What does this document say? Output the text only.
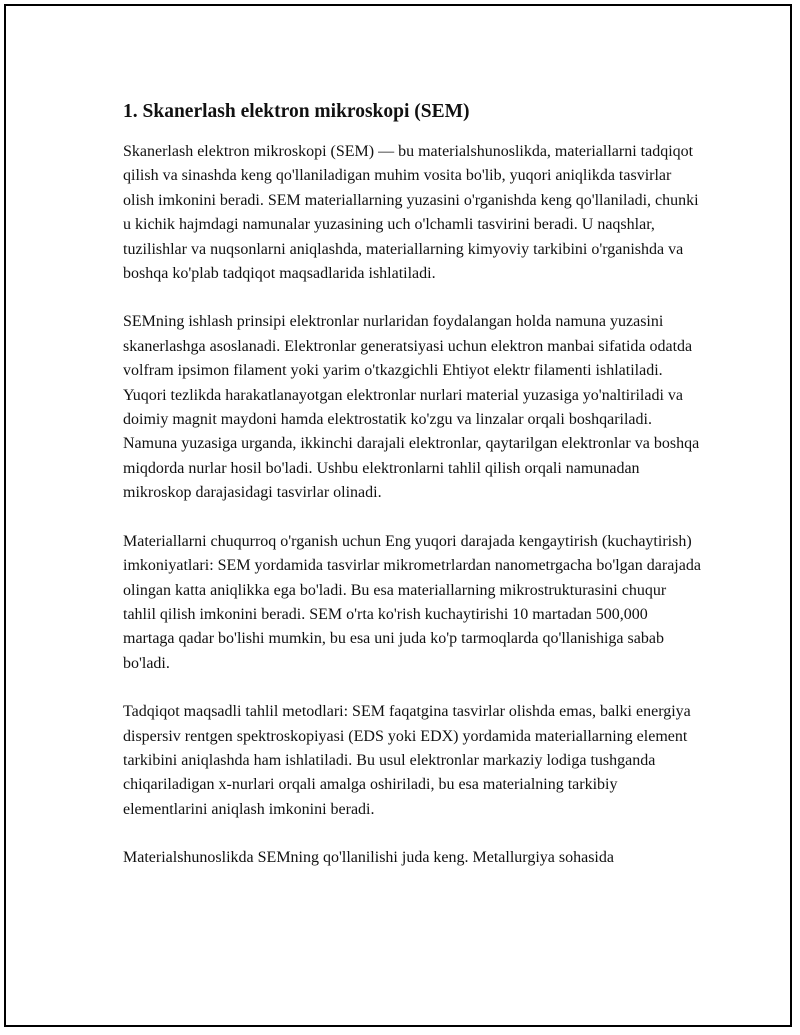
1. Skanerlash elektron mikroskopi (SEM)

Skanerlash elektron mikroskopi (SEM) — bu materialshunoslikda, materiallarni tadqiqot qilish va sinashda keng qo'llaniladigan muhim vosita bo'lib, yuqori aniqlikda tasvirlar olish imkonini beradi. SEM materiallarning yuzasini o'rganishda keng qo'llaniladi, chunki u kichik hajmdagi namunalar yuzasining uch o'lchamli tasvirini beradi. U naqshlar, tuzilishlar va nuqsonlarni aniqlashda, materiallarning kimyoviy tarkibini o'rganishda va boshqa ko'plab tadqiqot maqsadlarida ishlatiladi.

SEMning ishlash prinsipi elektronlar nurlaridan foydalangan holda namuna yuzasini skanerlashga asoslanadi. Elektronlar generatsiyasi uchun elektron manbai sifatida odatda volfram ipsimon filament yoki yarim o'tkazgichli Ehtiyot elektr filamenti ishlatiladi. Yuqori tezlikda harakatlanayotgan elektronlar nurlari material yuzasiga yo'naltiriladi va doimiy magnit maydoni hamda elektrostatik ko'zgu va linzalar orqali boshqariladi. Namuna yuzasiga urganda, ikkinchi darajali elektronlar, qaytarilgan elektronlar va boshqa miqdorda nurlar hosil bo'ladi. Ushbu elektronlarni tahlil qilish orqali namunadan mikroskop darajasidagi tasvirlar olinadi.

Materiallarni chuqurroq o'rganish uchun Eng yuqori darajada kengaytirish (kuchaytirish) imkoniyatlari: SEM yordamida tasvirlar mikrometrlardan nanometrgacha bo'lgan darajada olingan katta aniqlikka ega bo'ladi. Bu esa materiallarning mikrostrukturasini chuqur tahlil qilish imkonini beradi. SEM o'rta ko'rish kuchaytirishi 10 martadan 500,000 martaga qadar bo'lishi mumkin, bu esa uni juda ko'p tarmoqlarda qo'llanishiga sabab bo'ladi.

Tadqiqot maqsadli tahlil metodlari: SEM faqatgina tasvirlar olishda emas, balki energiya dispersiv rentgen spektroskopiyasi (EDS yoki EDX) yordamida materiallarning element tarkibini aniqlashda ham ishlatiladi. Bu usul elektronlar markaziy lodiga tushganda chiqariladigan x-nurlari orqali amalga oshiriladi, bu esa materialning tarkibiy elementlarini aniqlash imkonini beradi.

Materialshunoslikda SEMning qo'llanilishi juda keng. Metallurgiya sohasida
